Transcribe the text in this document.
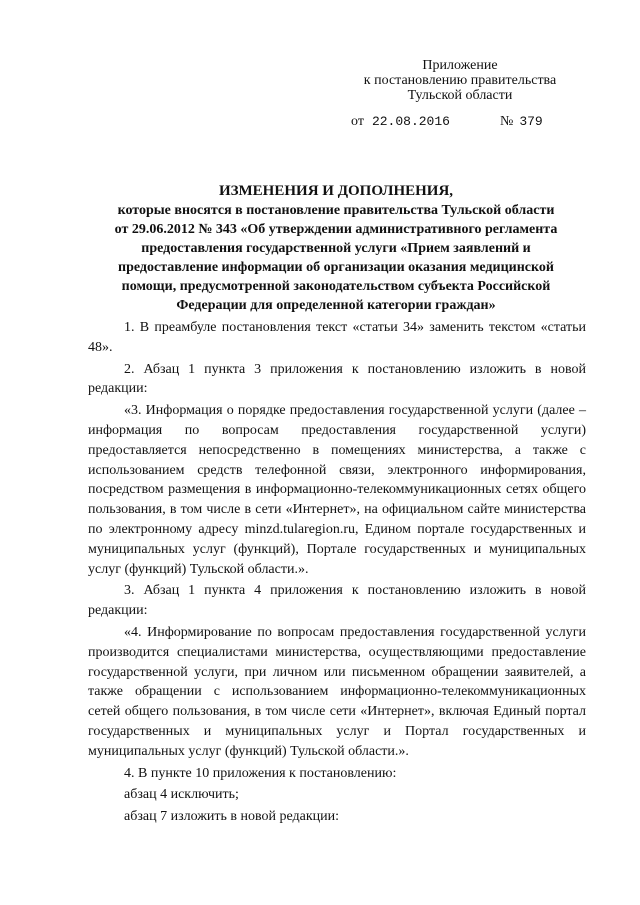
Приложение
к постановлению правительства
Тульской области
от 22.08.2016	№ 379
ИЗМЕНЕНИЯ И ДОПОЛНЕНИЯ,
которые вносятся в постановление правительства Тульской области
от 29.06.2012 № 343 «Об утверждении административного регламента
предоставления государственной услуги «Прием заявлений и
предоставление информации об организации оказания медицинской
помощи, предусмотренной законодательством субъекта Российской
Федерации для определенной категории граждан»

1. В преамбуле постановления текст «статьи 34» заменить текстом «статьи 48».

2. Абзац 1 пункта 3 приложения к постановлению изложить в новой редакции:

«3. Информация о порядке предоставления государственной услуги (далее – информация по вопросам предоставления государственной услуги) предоставляется непосредственно в помещениях министерства, а также с использованием средств телефонной связи, электронного информирования, посредством размещения в информационно-телекоммуникационных сетях общего пользования, в том числе в сети «Интернет», на официальном сайте министерства по электронному адресу minzd.tularegion.ru, Едином портале государственных и муниципальных услуг (функций), Портале государственных и муниципальных услуг (функций) Тульской области.».

3. Абзац 1 пункта 4 приложения к постановлению изложить в новой редакции:

«4. Информирование по вопросам предоставления государственной услуги производится специалистами министерства, осуществляющими предоставление государственной услуги, при личном или письменном обращении заявителей, а также обращении с использованием информационно-телекоммуникационных сетей общего пользования, в том числе сети «Интернет», включая Единый портал государственных и муниципальных услуг и Портал государственных и муниципальных услуг (функций) Тульской области.».

4. В пункте 10 приложения к постановлению:

абзац 4 исключить;

абзац 7 изложить в новой редакции:
